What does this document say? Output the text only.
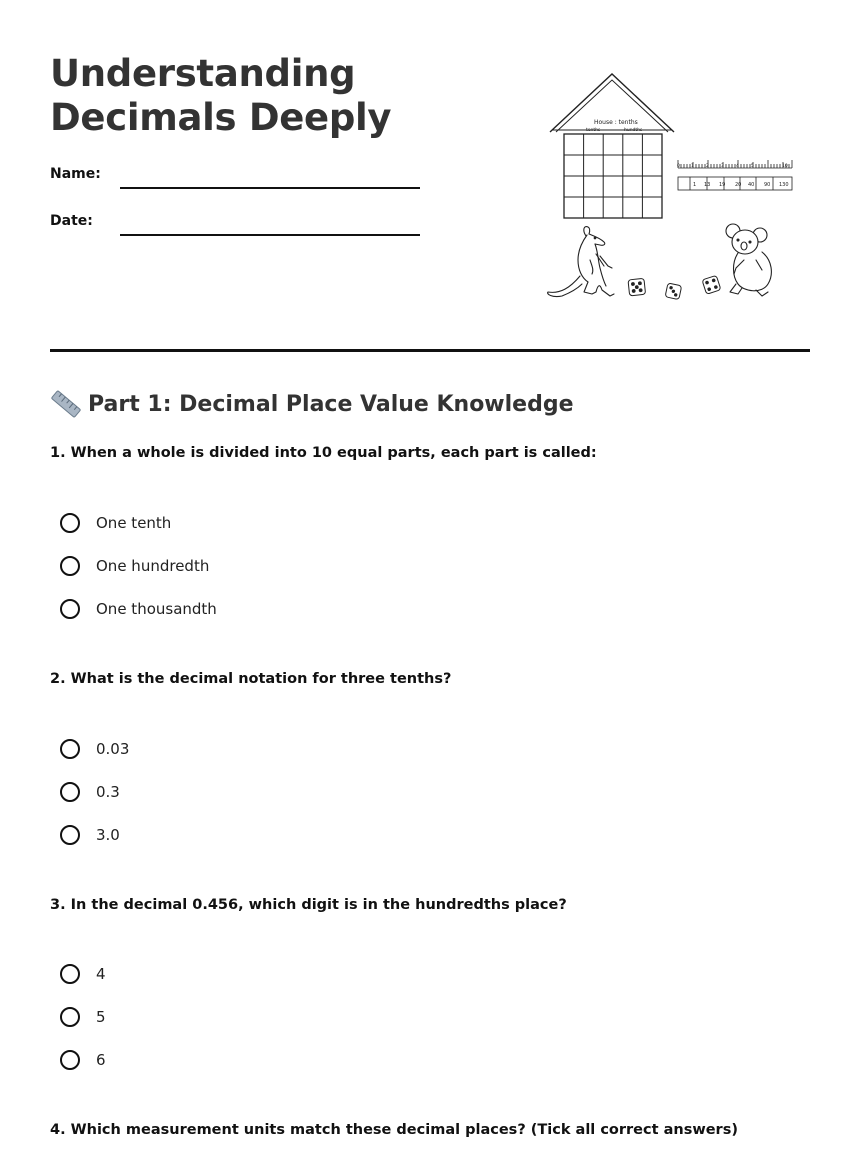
Understanding Decimals Deeply
Name:
Date:
House : tenths
tenths	hundths
0 1	2	3	4	5	10
1 13 19 20 40 90 130
Part 1: Decimal Place Value Knowledge
1. When a whole is divided into 10 equal parts, each part is called:
One tenth
One hundredth
One thousandth
2. What is the decimal notation for three tenths?
0.03
0.3
3.0
3. In the decimal 0.456, which digit is in the hundredths place?
4
5
6
4. Which measurement units match these decimal places? (Tick all correct answers)
